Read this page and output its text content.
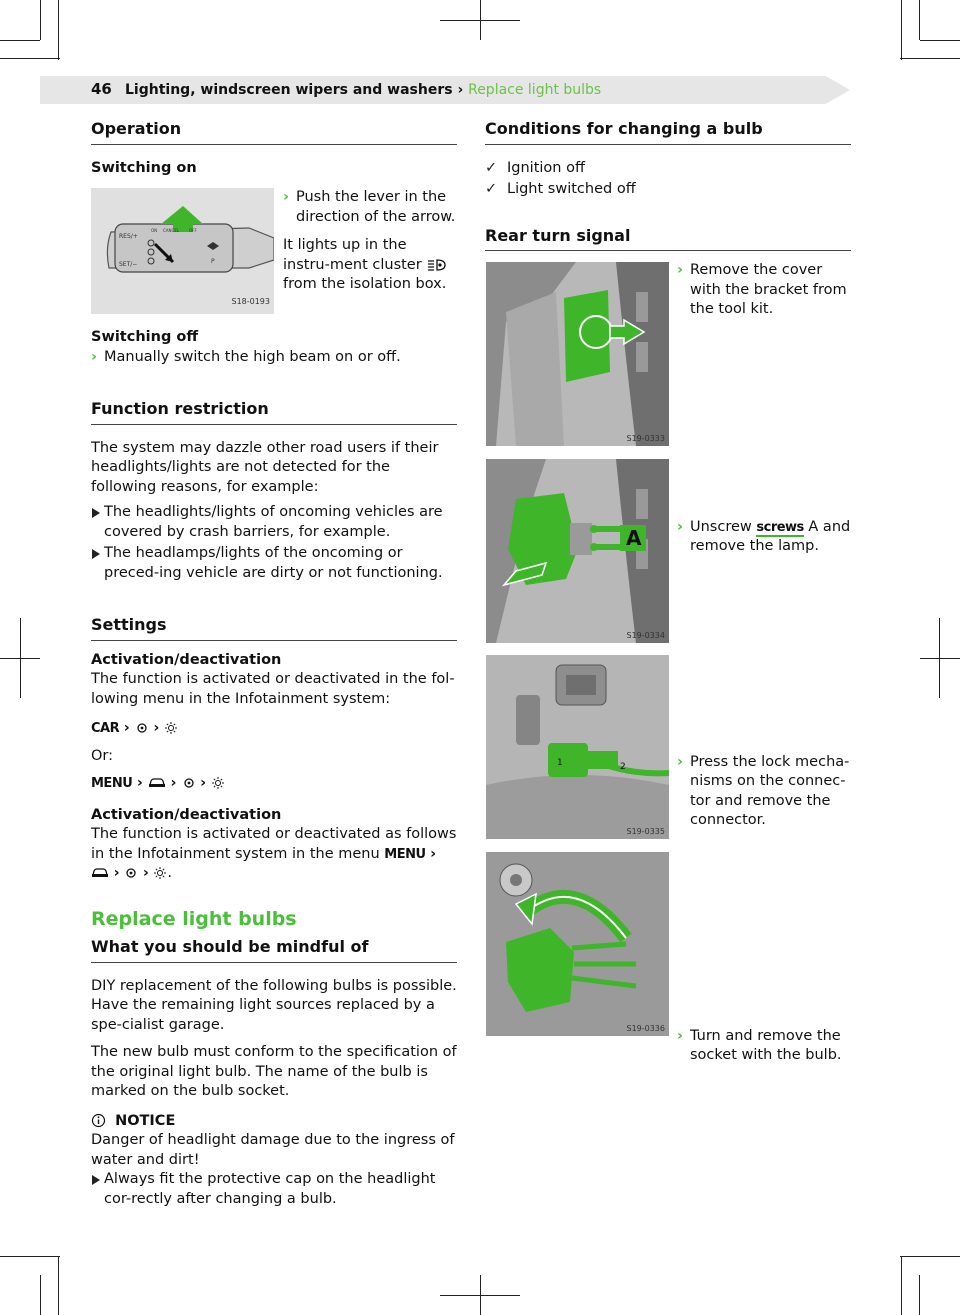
46 Lighting, windscreen wipers and washers › Replace light bulbs
Operation
Switching on
RES/+
SET/−
ON CANCEL OFF
P
S18-0193
› Push the lever in the direction of the arrow.

It lights up in the instru-ment cluster  from the isolation box.

Switching off
› Manually switch the high beam on or off.
Function restriction

The system may dazzle other road users if their headlights/lights are not detected for the following reasons, for example:

The headlights/lights of oncoming vehicles are covered by crash barriers, for example.
The headlamps/lights of the oncoming or preced-ing vehicle are dirty or not functioning.
Settings
Activation/deactivation

The function is activated or deactivated in the fol-lowing menu in the Infotainment system:

CAR ›  ›

Or:

MENU ›  ›  ›

Activation/deactivation

The function is activated or deactivated as follows in the Infotainment system in the menu MENU ›  › › .

Replace light bulbs
What you should be mindful of

DIY replacement of the following bulbs is possible. Have the remaining light sources replaced by a spe-cialist garage.

The new bulb must conform to the specification of the original light bulb. The name of the bulb is marked on the bulb socket.

NOTICE

Danger of headlight damage due to the ingress of water and dirt!

Always fit the protective cap on the headlight cor-rectly after changing a bulb.
Conditions for changing a bulb

✓ Ignition off

✓ Light switched off

Rear turn signal
S19-0333
› Remove the cover with the bracket from the tool kit.
A
S19-0334
› Unscrew screws A and remove the lamp.
1	2
S19-0335
› Press the lock mecha-nisms on the connec-tor and remove the connector.
S19-0336 › Turn and remove the socket with the bulb.
